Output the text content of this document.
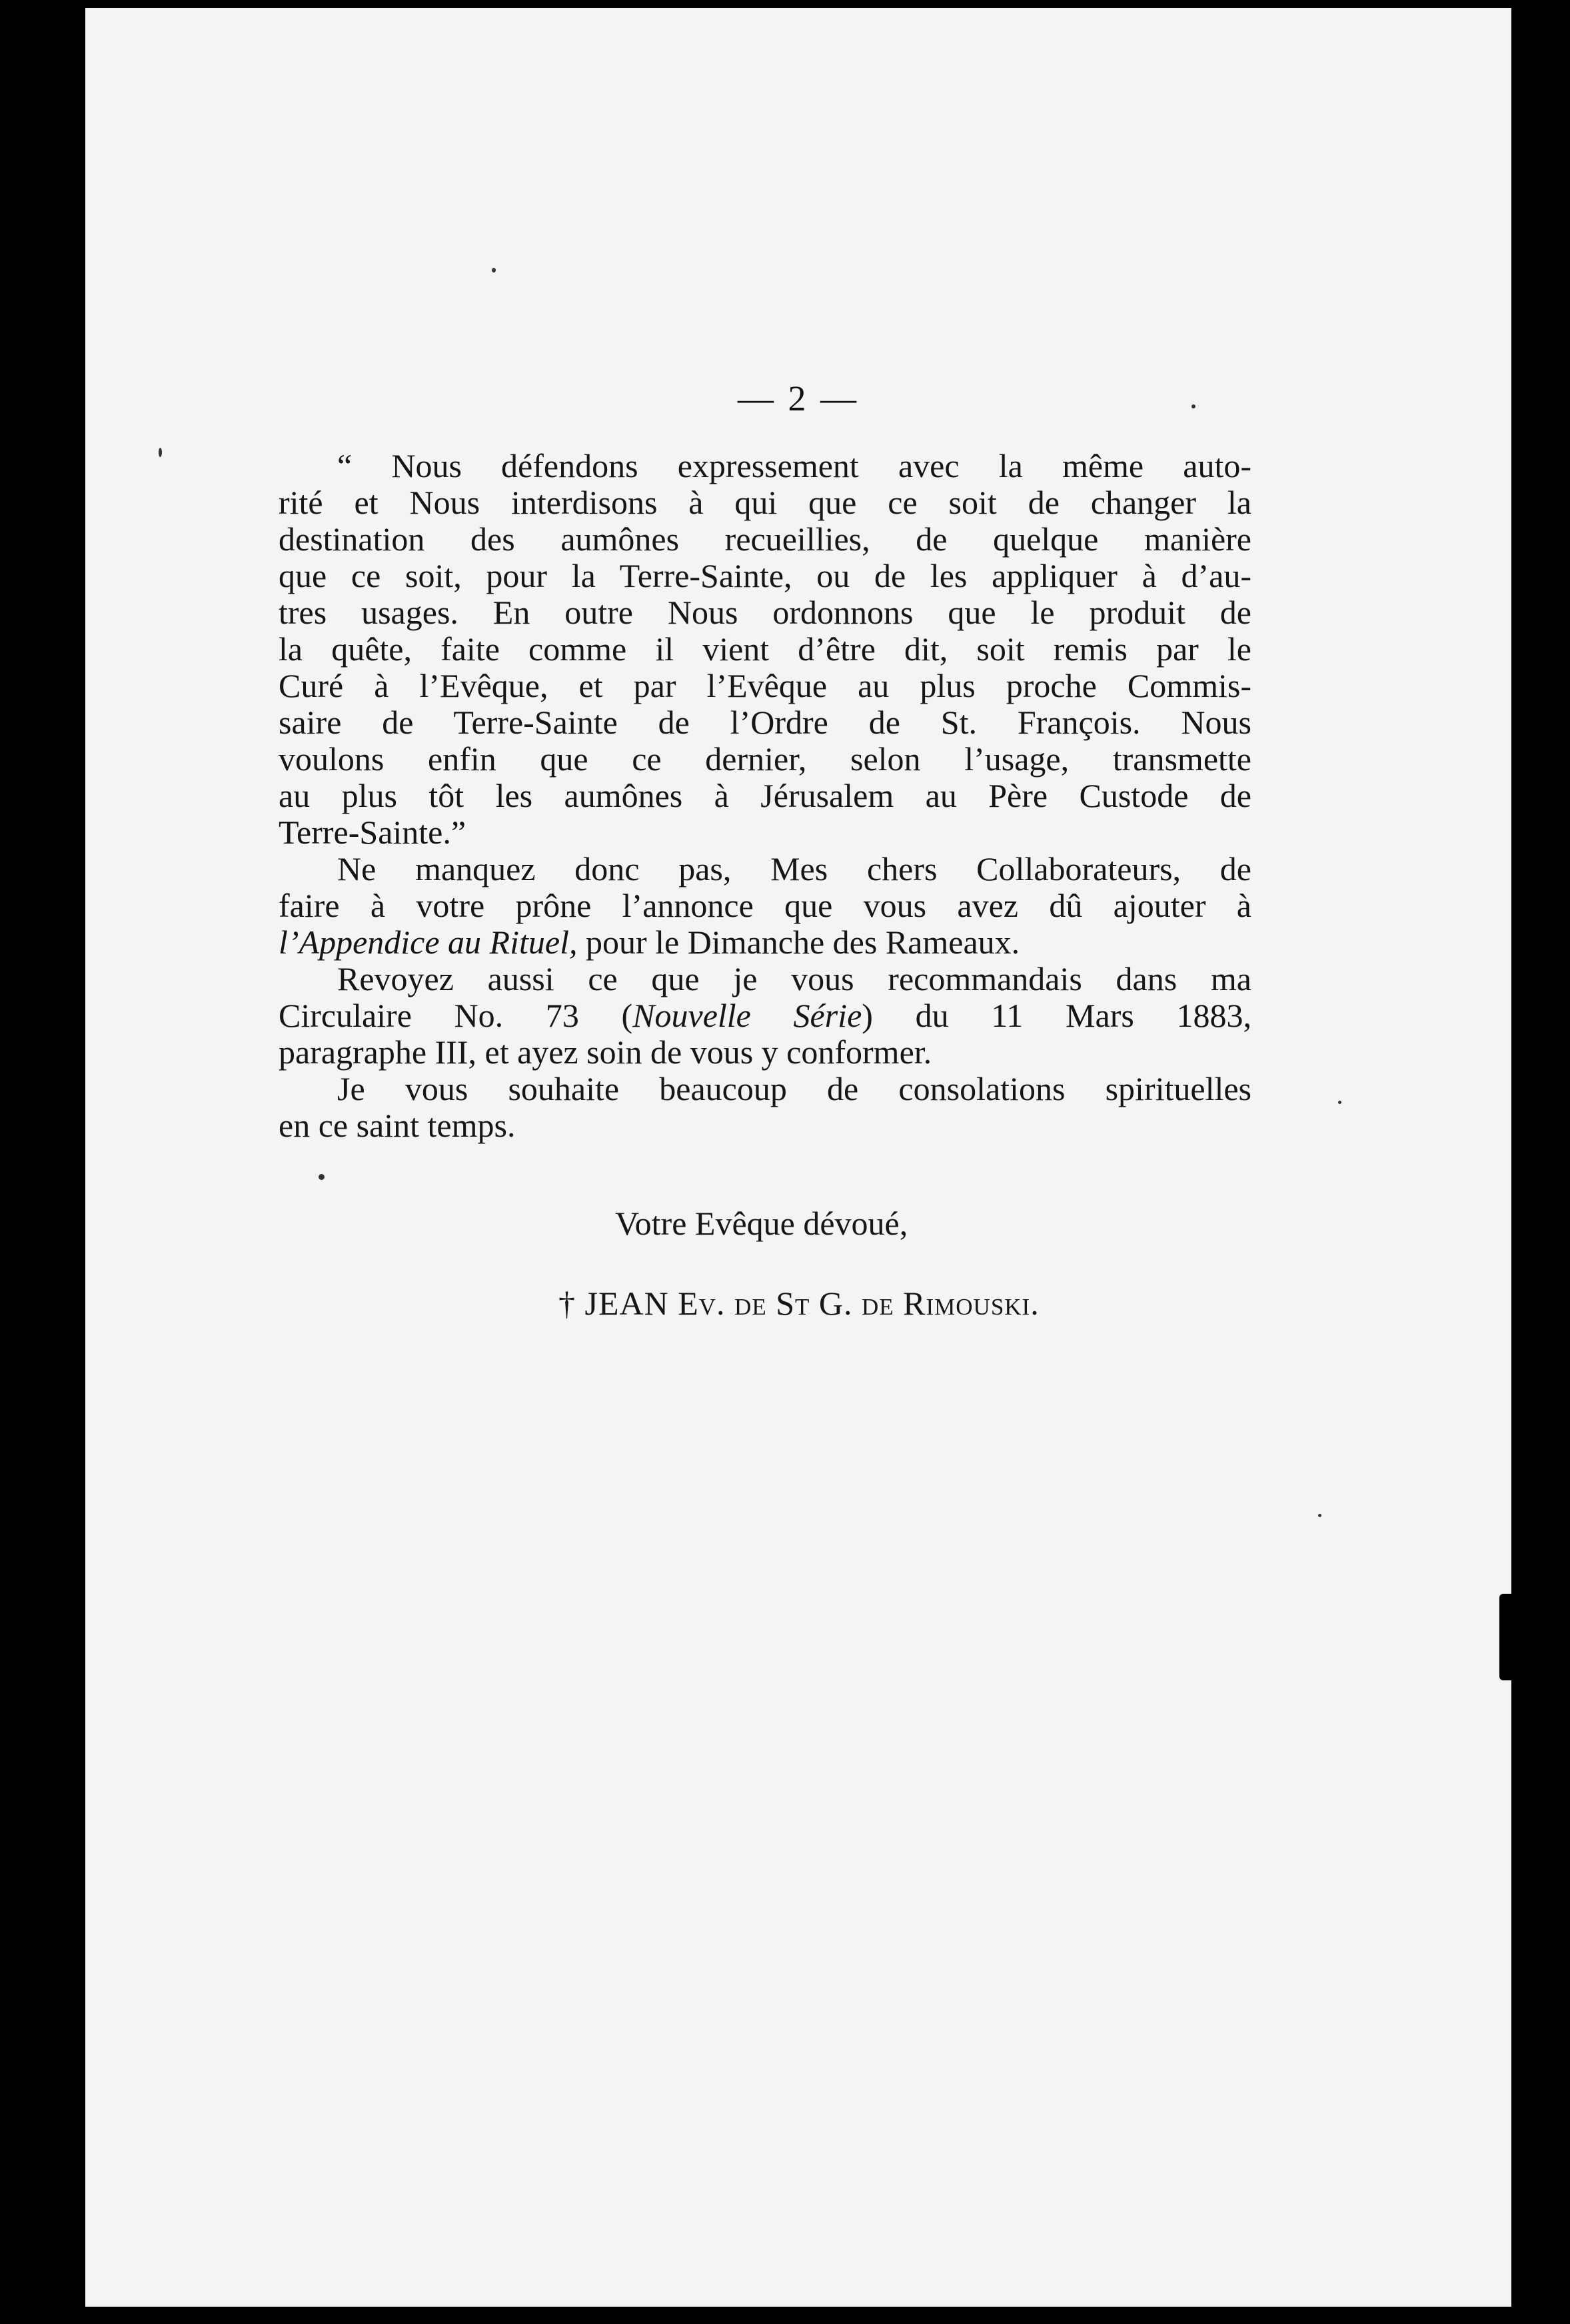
— 2 —
“ Nous défendons expressement avec la même auto-
rité et Nous interdisons à qui que ce soit de changer la
destination des aumônes recueillies, de quelque manière
que ce soit, pour la Terre-Sainte, ou de les appliquer à d’au-
tres usages. En outre Nous ordonnons que le produit de
la quête, faite comme il vient d’être dit, soit remis par le
Curé à l’Evêque, et par l’Evêque au plus proche Commis-
saire de Terre-Sainte de l’Ordre de St. François. Nous
voulons enfin que ce dernier, selon l’usage, transmette
au plus tôt les aumônes à Jérusalem au Père Custode de
Terre-Sainte.”
Ne manquez donc pas, Mes chers Collaborateurs, de
faire à votre prône l’annonce que vous avez dû ajouter à
l’Appendice au Rituel, pour le Dimanche des Rameaux.
Revoyez aussi ce que je vous recommandais dans ma
Circulaire No. 73 (Nouvelle Série) du 11 Mars 1883,
paragraphe III, et ayez soin de vous y conformer.
Je vous souhaite beaucoup de consolations spirituelles
en ce saint temps.
Votre Evêque dévoué,
† JEAN Ev. de St G. de Rimouski.
